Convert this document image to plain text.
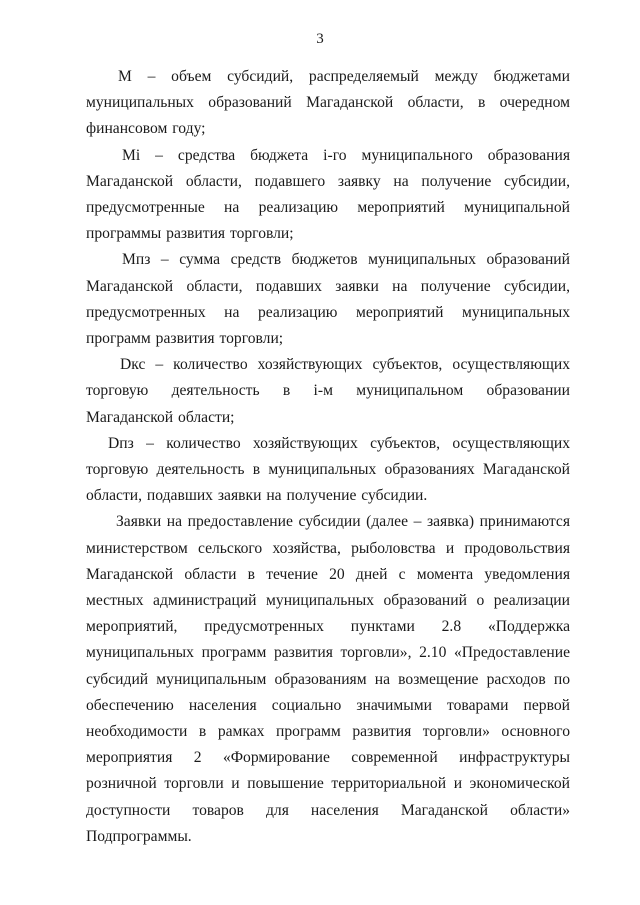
3

M – объем субсидий, распределяемый между бюджетами муниципальных образований Магаданской области, в очередном финансовом году;

Mi – средства бюджета i-го муниципального образования Магаданской области, подавшего заявку на получение субсидии, предусмотренные на реализацию мероприятий муниципальной программы развития торговли;

Мпз – сумма средств бюджетов муниципальных образований Магаданской области, подавших заявки на получение субсидии, предусмотренных на реализацию мероприятий муниципальных программ развития торговли;

Dкс – количество хозяйствующих субъектов, осуществляющих торговую деятельность в i-м муниципальном образовании Магаданской области;

Dпз – количество хозяйствующих субъектов, осуществляющих торговую деятельность в муниципальных образованиях Магаданской области, подавших заявки на получение субсидии.

Заявки на предоставление субсидии (далее – заявка) принимаются министерством сельского хозяйства, рыболовства и продовольствия Магаданской области в течение 20 дней с момента уведомления местных администраций муниципальных образований о реализации мероприятий, предусмотренных пунктами 2.8 «Поддержка муниципальных программ развития торговли», 2.10 «Предоставление субсидий муниципальным образованиям на возмещение расходов по обеспечению населения социально значимыми товарами первой необходимости в рамках программ развития торговли» основного мероприятия 2 «Формирование современной инфраструктуры розничной торговли и повышение территориальной и экономической доступности товаров для населения Магаданской области» Подпрограммы.
